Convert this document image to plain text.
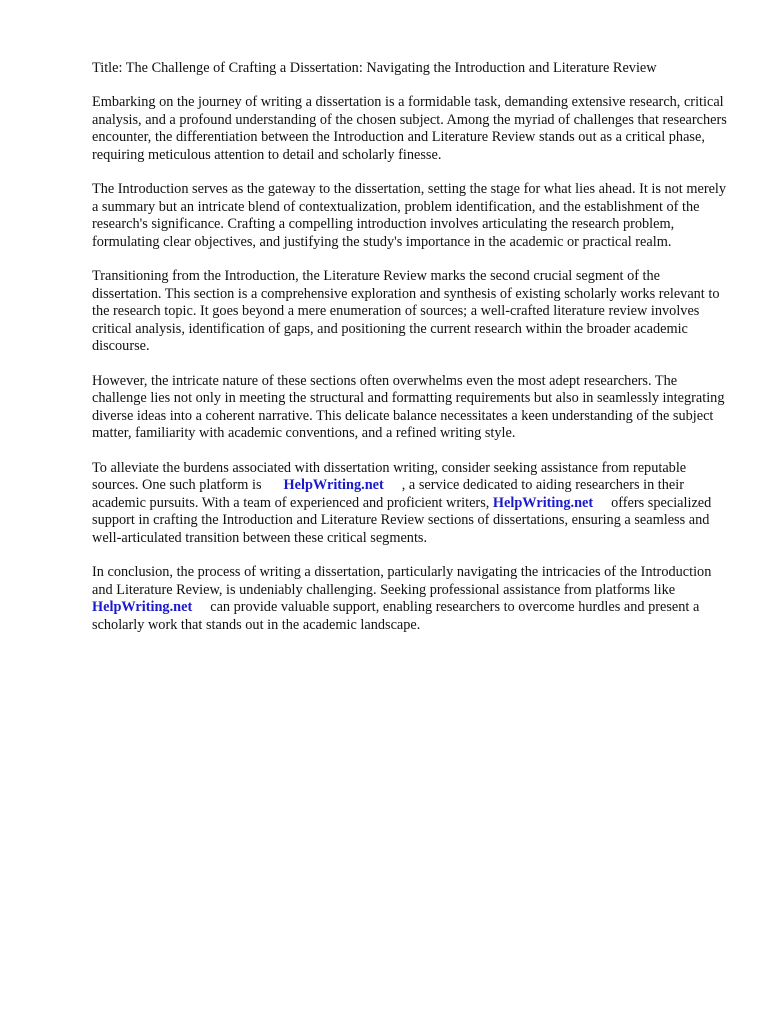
Title: The Challenge of Crafting a Dissertation: Navigating the Introduction and Literature Review

Embarking on the journey of writing a dissertation is a formidable task, demanding extensive research, critical analysis, and a profound understanding of the chosen subject. Among the myriad of challenges that researchers encounter, the differentiation between the Introduction and Literature Review stands out as a critical phase, requiring meticulous attention to detail and scholarly finesse.

The Introduction serves as the gateway to the dissertation, setting the stage for what lies ahead. It is not merely a summary but an intricate blend of contextualization, problem identification, and the establishment of the research's significance. Crafting a compelling introduction involves articulating the research problem, formulating clear objectives, and justifying the study's importance in the academic or practical realm.

Transitioning from the Introduction, the Literature Review marks the second crucial segment of the dissertation. This section is a comprehensive exploration and synthesis of existing scholarly works relevant to the research topic. It goes beyond a mere enumeration of sources; a well-crafted literature review involves critical analysis, identification of gaps, and positioning the current research within the broader academic discourse.

However, the intricate nature of these sections often overwhelms even the most adept researchers. The challenge lies not only in meeting the structural and formatting requirements but also in seamlessly integrating diverse ideas into a coherent narrative. This delicate balance necessitates a keen understanding of the subject matter, familiarity with academic conventions, and a refined writing style.

To alleviate the burdens associated with dissertation writing, consider seeking assistance from reputable sources. One such platform is HelpWriting.net , a service dedicated to aiding researchers in their academic pursuits. With a team of experienced and proficient writers, HelpWriting.net offers specialized support in crafting the Introduction and Literature Review sections of dissertations, ensuring a seamless and well-articulated transition between these critical segments.

In conclusion, the process of writing a dissertation, particularly navigating the intricacies of the Introduction and Literature Review, is undeniably challenging. Seeking professional assistance from platforms likeHelpWriting.net can provide valuable support, enabling researchers to overcome hurdles and present a scholarly work that stands out in the academic landscape.
